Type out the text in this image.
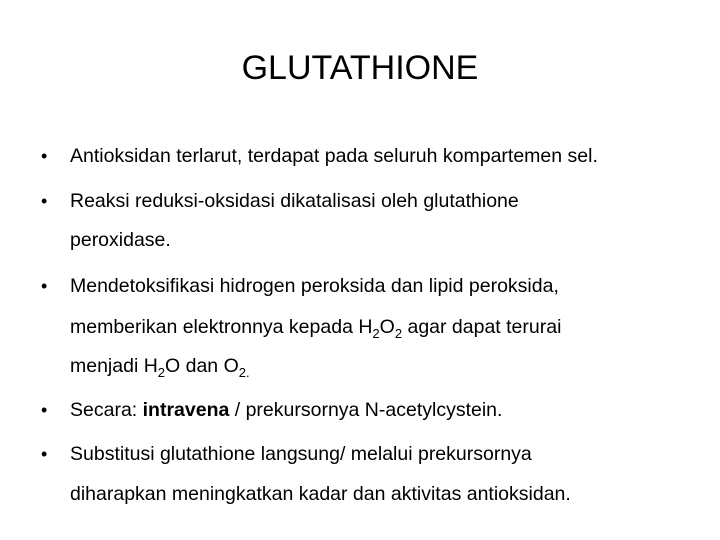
GLUTATHIONE
• Antioksidan terlarut, terdapat pada seluruh kompartemen sel.
• Reaksi reduksi-oksidasi dikatalisasi oleh glutathione
peroxidase.
• Mendetoksifikasi hidrogen peroksida dan lipid peroksida,
memberikan elektronnya kepada $H_2O_2$ agar dapat terurai
menjadi $H_2O$ dan $O_{2.}$
• Secara: intravena / prekursornya N-acetylcystein.
• Substitusi glutathione langsung/ melalui prekursornya
diharapkan meningkatkan kadar dan aktivitas antioksidan.
